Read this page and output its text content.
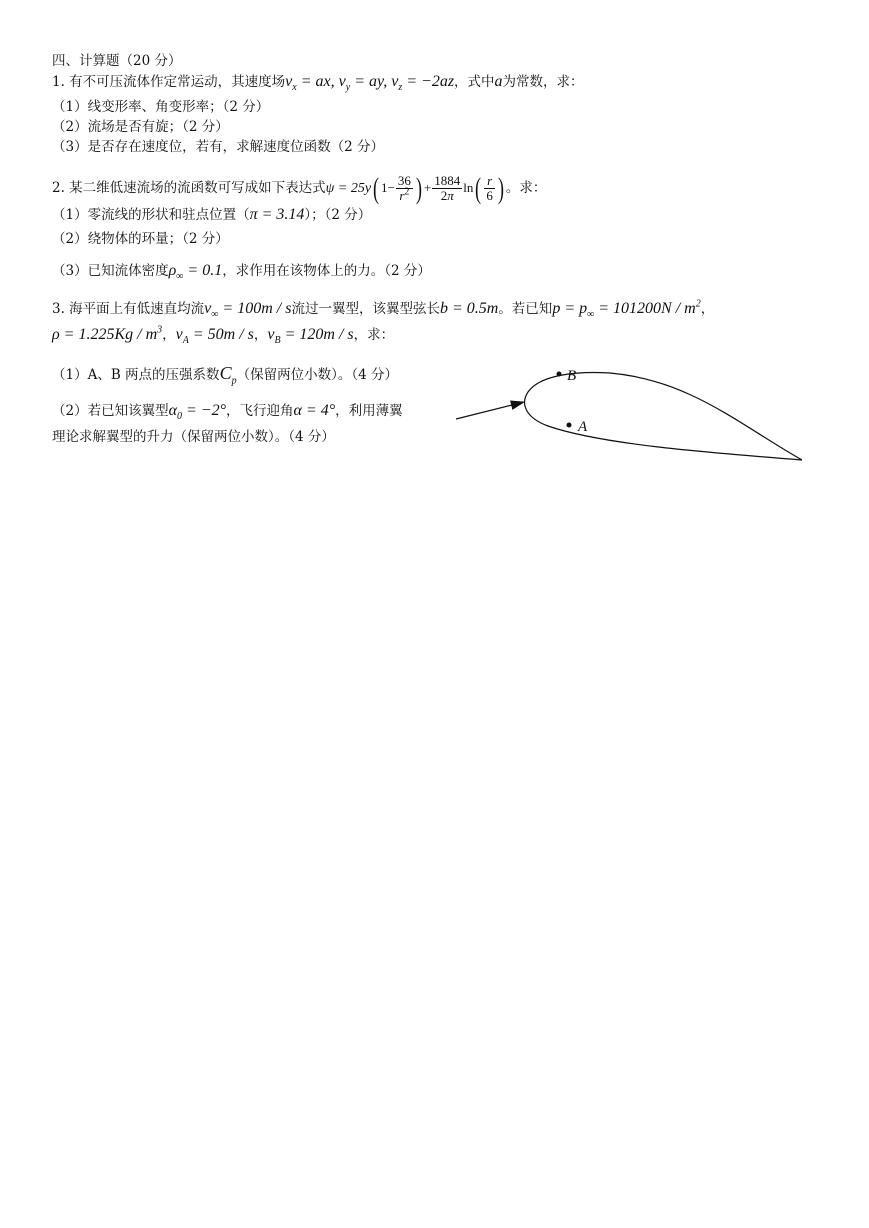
四、计算题（20 分）
1. 有不可压流体作定常运动，其速度场$v_x$ = ax, $v_y$ = ay, $v_z = -2az$，式中a为常数，求：
（1）线变形率、角变形率；（2 分）
（2）流场是否有旋；（2 分）
（3）是否存在速度位，若有，求解速度位函数（2 分）
2. 某二维低速流场的流函数可写成如下表达式ψ = 25y( $1- \frac{36}{r^2}$ ) + $\frac{1884}{2\pi} \ln( \frac{r}{6}$ ) 。求：
（1）零流线的形状和驻点位置（π = 3.14）；（2 分）
（2）绕物体的环量；（2 分）
（3）已知流体密度$\rho_\infty = 0.1$，求作用在该物体上的力。（2 分）
3. 海平面上有低速直均流$v_\infty = 100m / s$流过一翼型，该翼型弦长b = 0.5m。若已知$p = p_\infty = 101200N / m^2$，
$\rho = 1.225Kg / m^3$，$v_A = 50m / s$，$v_B = 120m / s$，求：
（1）A、B 两点的压强系数$C_p$（保留两位小数）。（4 分）
（2）若已知该翼型$\alpha_0 = -2^\circ$，飞行迎角α = 4°，利用薄翼
理论求解翼型的升力（保留两位小数）。（4 分）
B
A
